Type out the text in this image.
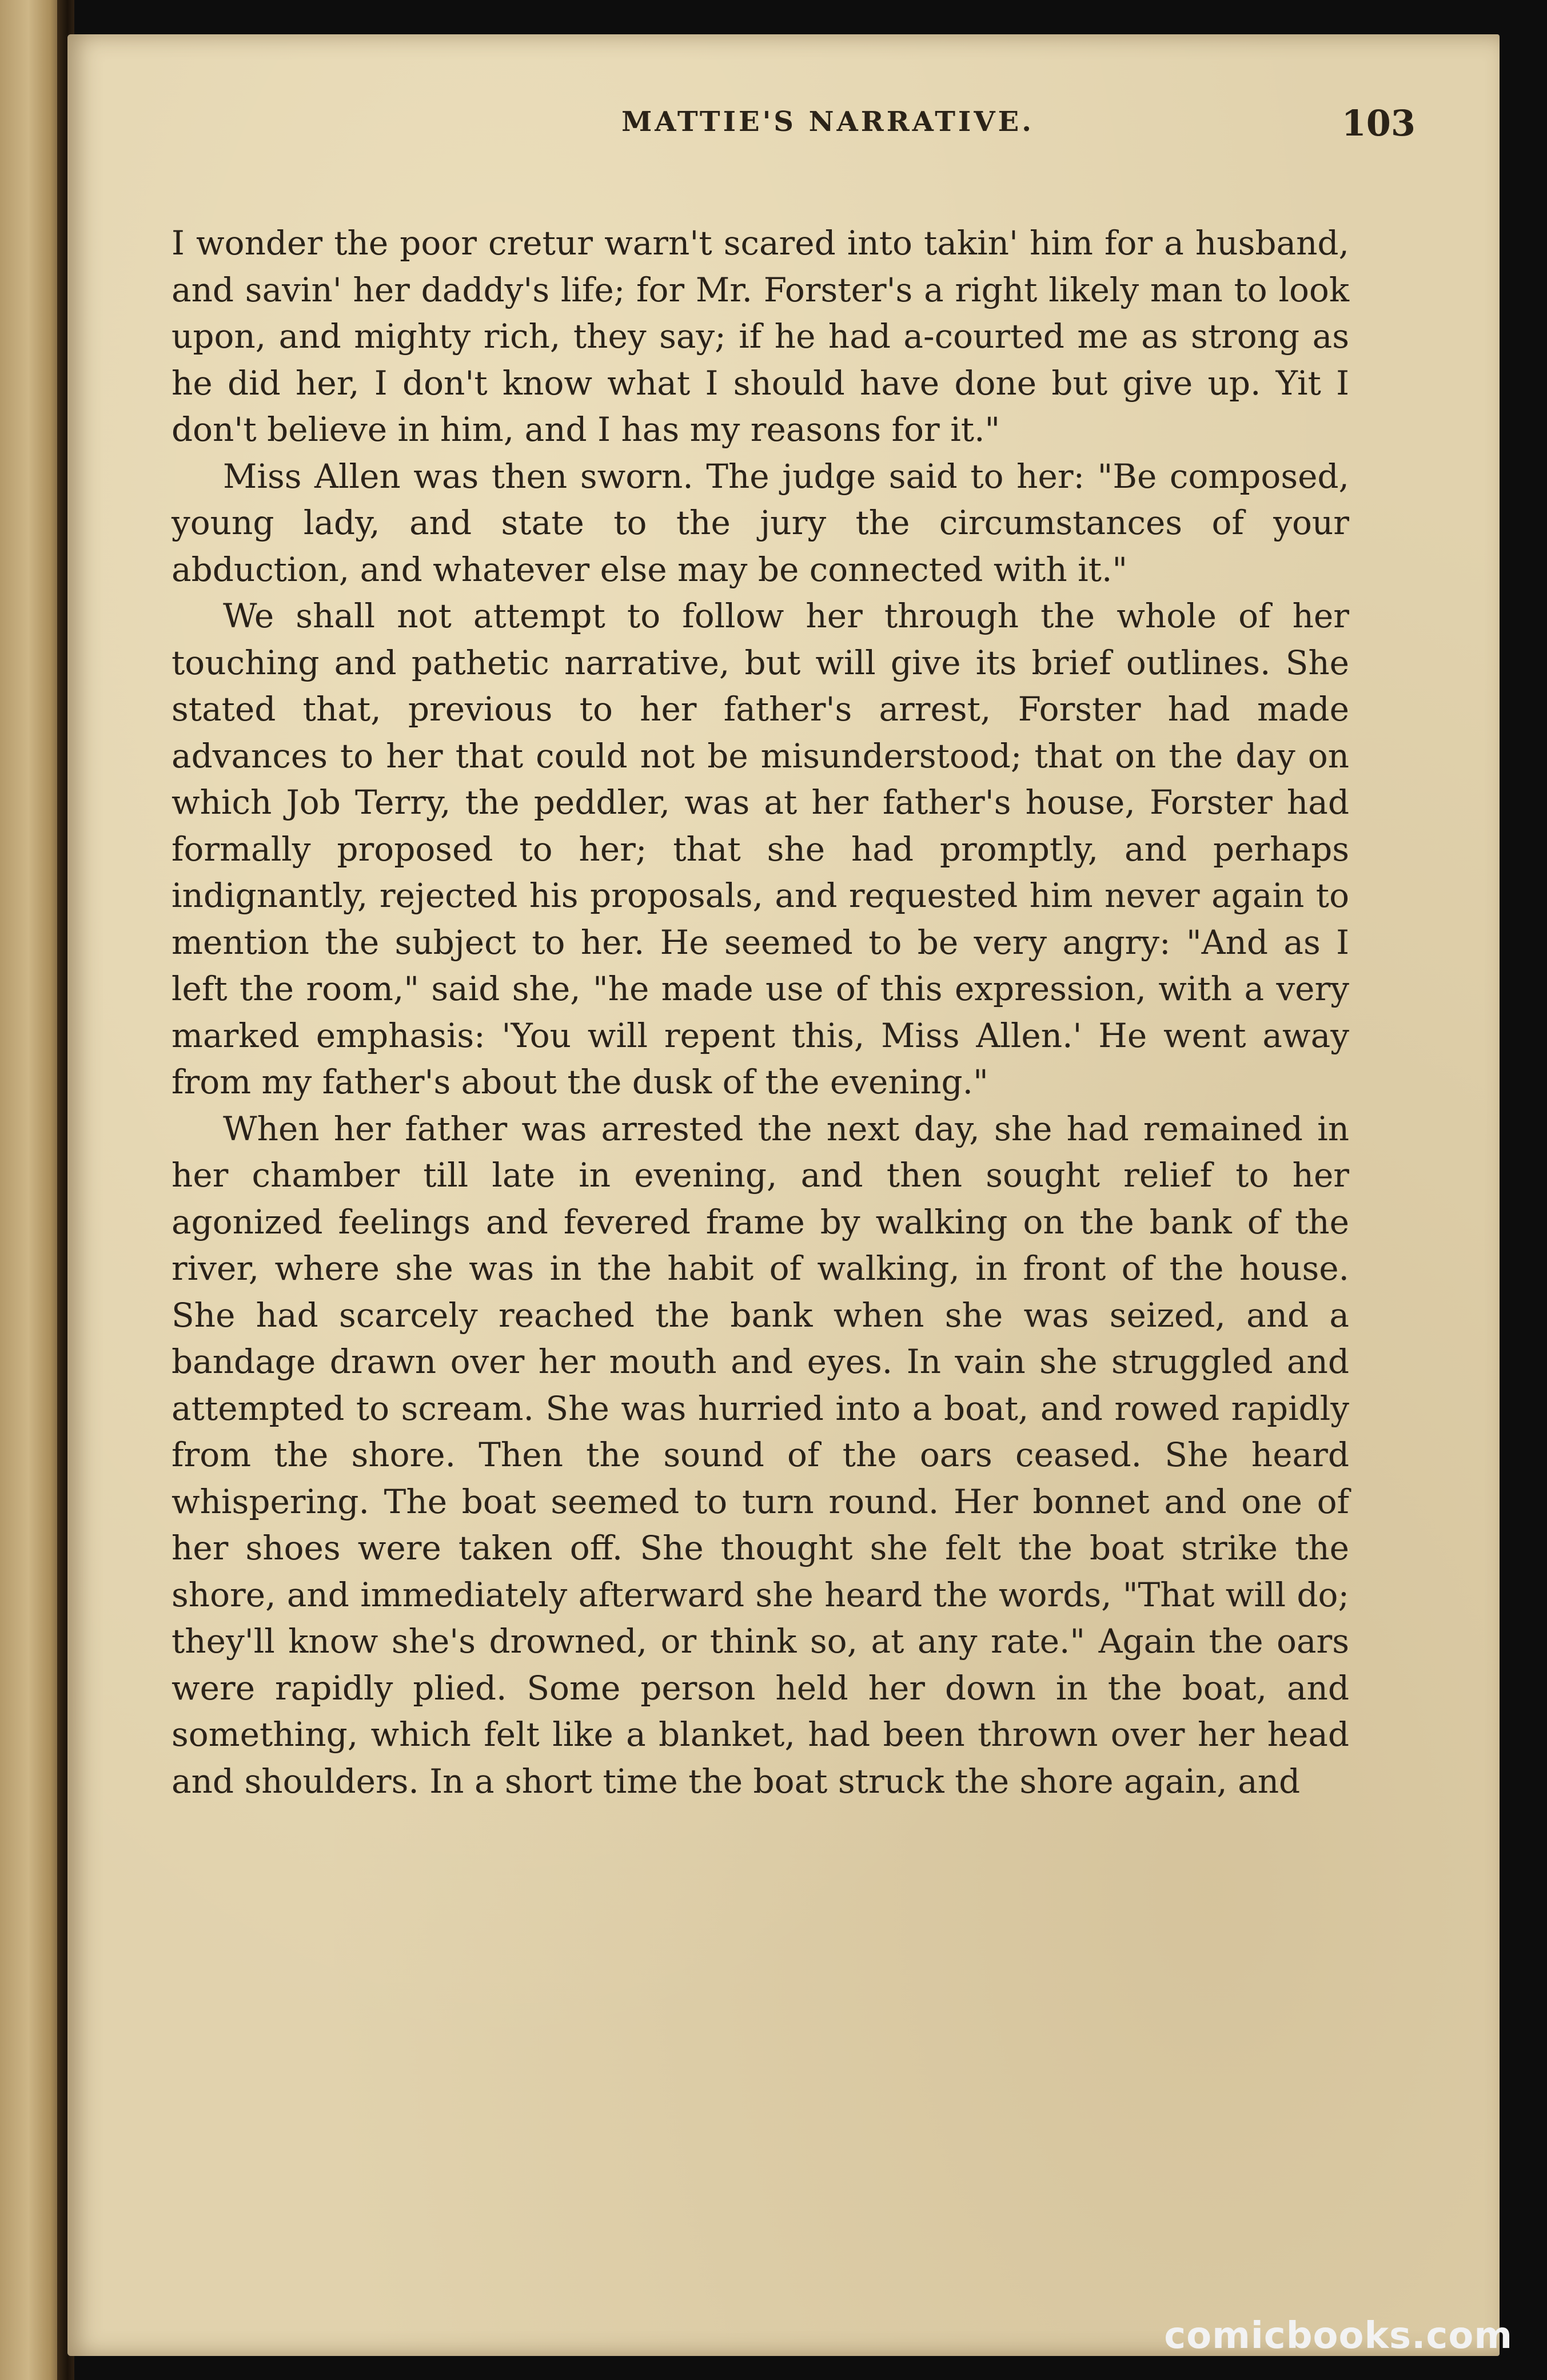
MATTIE'S NARRATIVE.	103

I wonder the poor cretur warn't scared into takin' him for a husband, and savin' her daddy's life; for Mr. Forster's a right likely man to look upon, and mighty rich, they say; if he had a-courted me as strong as he did her, I don't know what I should have done but give up. Yit I don't believe in him, and I has my reasons for it."

Miss Allen was then sworn. The judge said to her: "Be composed, young lady, and state to the jury the circumstances of your abduction, and whatever else may be connected with it."

We shall not attempt to follow her through the whole of her touching and pathetic narrative, but will give its brief outlines. She stated that, previous to her father's arrest, Forster had made advances to her that could not be misunderstood; that on the day on which Job Terry, the peddler, was at her father's house, Forster had formally proposed to her; that she had promptly, and perhaps indignantly, rejected his proposals, and requested him never again to mention the subject to her. He seemed to be very angry: "And as I left the room," said she, "he made use of this expression, with a very marked emphasis: 'You will repent this, Miss Allen.' He went away from my father's about the dusk of the evening."

When her father was arrested the next day, she had remained in her chamber till late in evening, and then sought relief to her agonized feelings and fevered frame by walking on the bank of the river, where she was in the habit of walking, in front of the house. She had scarcely reached the bank when she was seized, and a bandage drawn over her mouth and eyes. In vain she struggled and attempted to scream. She was hurried into a boat, and rowed rapidly from the shore. Then the sound of the oars ceased. She heard whispering. The boat seemed to turn round. Her bonnet and one of her shoes were taken off. She thought she felt the boat strike the shore, and immediately afterward she heard the words, "That will do; they'll know she's drowned, or think so, at any rate." Again the oars were rapidly plied. Some person held her down in the boat, and something, which felt like a blanket, had been thrown over her head and shoulders. In a short time the boat struck the shore again, and

comicbooks.com
